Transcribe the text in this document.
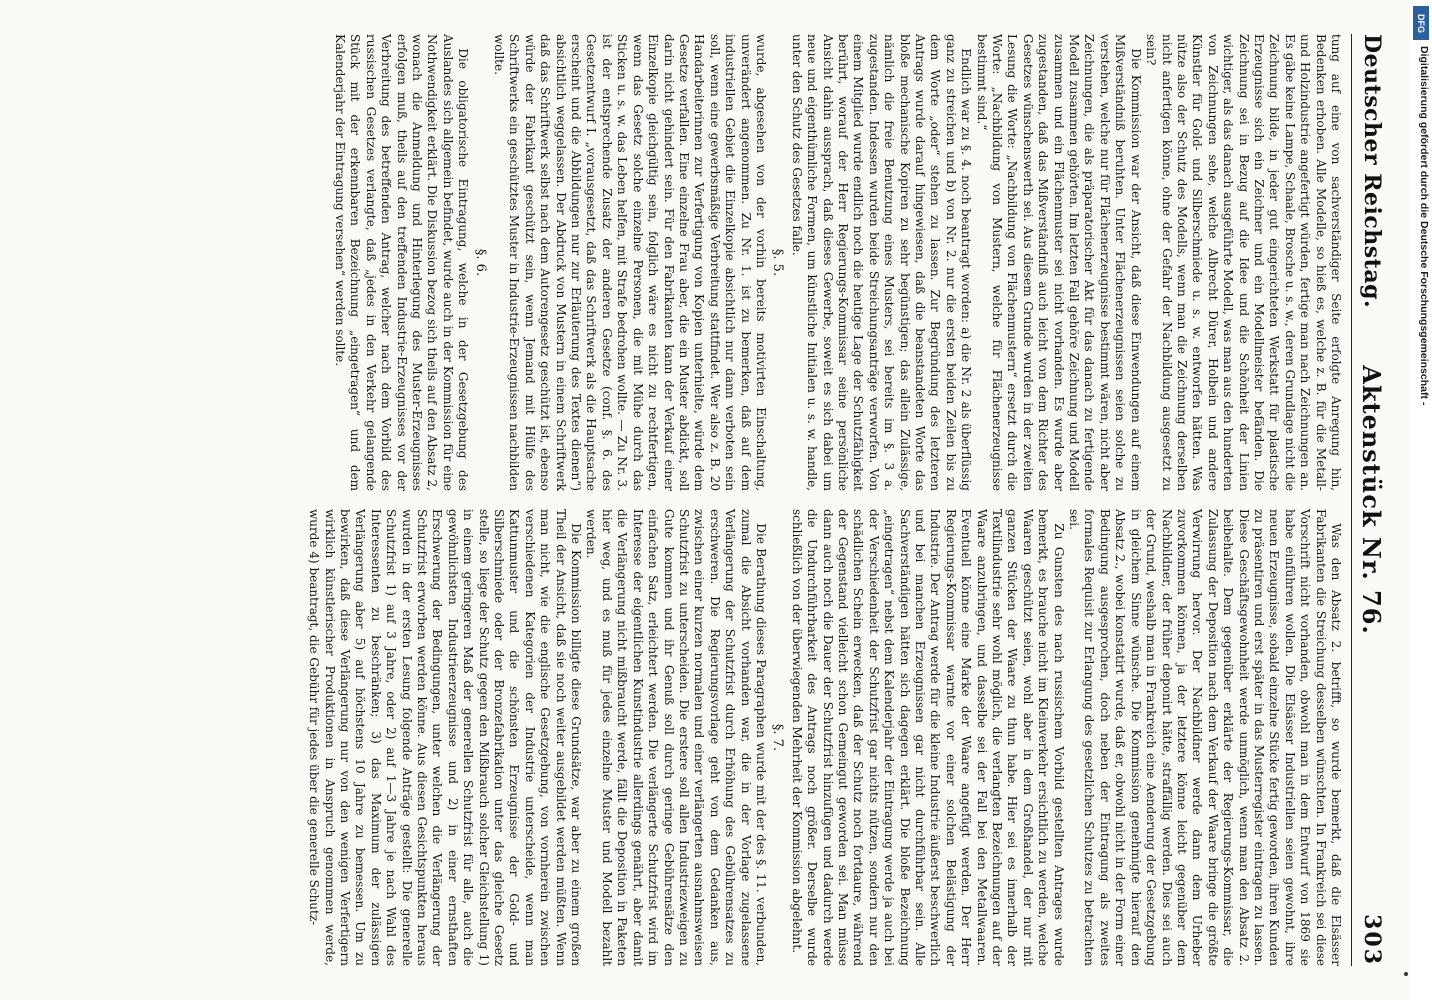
Deutscher Reichstag.
Aktenstück Nr. 76.
303

tung auf eine von sachverständiger Seite erfolgte Anregung hin, Bedenken erhoben. Alle Modelle, so hieß es, welche z. B. für die Metall- und Holzindustrie angefertigt würden, fertige man nach Zeichnungen an. Es gäbe keine Lampe, Schaale, Brosche u. s. w., deren Grundlage nicht die Zeichnung bilde, in jeder gut eingerichteten Werkstatt für plastische Erzeugnisse sich ein Zeichner und ein Modellmeister befänden. Die Zeichnung sei in Bezug auf die Idee und die Schönheit der Linien wichtiger, als das danach ausgeführte Modell, was man aus den hunderten von Zeichnungen sehe, welche Albrecht Dürer, Holbein und andere Künstler für Gold- und Silberschmiede u. s. w. entworfen hätten. Was nütze also der Schutz des Modells, wenn man die Zeichnung derselben nicht anfertigen könne, ohne der Gefahr der Nachbildung ausgesetzt zu sein?

Die Kommission war der Ansicht, daß diese Einwendungen auf einem Mißverständniß beruhten. Unter Flächenerzeugnissen seien solche zu verstehen, welche nur für Flächenerzeugnisse bestimmt wären, nicht aber Zeichnungen, die als präparatorischer Akt für das danach zu fertigende Modell zusammen gehörten. Im letzten Fall gehöre Zeichnung und Modell zusammen und ein Flächenmuster sei nicht vorhanden. Es wurde aber zugestanden, daß das Mißverständniß auch leicht von dem Richter des Gesetzes wünschenswerth sei. Aus diesem Grunde wurden in der zweiten Lesung die Worte: „Nachbildung von Flächenmustern“ ersetzt durch die Worte: „Nachbildung von Mustern, welche für Flächenerzeugnisse bestimmt sind.“

Endlich war zu §. 4. noch beantragt worden: a) die Nr. 2 als überflüssig ganz zu streichen und b) von Nr. 2. nur die ersten beiden Zeilen bis zu dem Worte „oder“ stehen zu lassen. Zur Begründung des letzteren Antrags wurde darauf hingewiesen, daß die beanstandeten Worte das bloße mechanische Kopiren zu sehr begünstigen; das allein Zulässige, nämlich die freie Benutzung eines Musters, sei bereits im §. 3 a. zugestanden. Indessen wurden beide Streichungsanträge verworfen. Von einem Mitglied wurde endlich noch die heutige Lage der Schutzfähigkeit berührt, worauf der Herr Regierungs-Kommissar seine persönliche Ansicht dahin aussprach, daß dieses Gewerbe, soweit es sich dabei um neue und eigenthümliche Formen, um künstliche Initialen u. s. w. handle, unter den Schutz des Gesetzes falle.

§. 5.

wurde, abgesehen von der vorhin bereits motivirten Einschaltung, unverändert angenommen. Zu Nr. 1. ist zu bemerken, daß auf dem industriellen Gebiet die Einzelkopie absichtlich nur dann verboten sein soll, wenn eine gewerbsmäßige Verbreitung stattfindet. Wer also z. B. 20 Handarbeiterinnen zur Verfertigung von Kopien unterhielte, würde dem Gesetze verfallen. Eine einzelne Frau aber, die ein Muster abdickt, soll darin nicht gehindert sein. Für den Fabrikanten kann der Verkauf einer Einzelkopie gleichgültig sein, folglich wäre es nicht zu rechtfertigen, wenn das Gesetz solche einzelne Personen, die mit Mühe durch das Sticken u. s. w. das Leben helfen, mit Strafe bedrohen wollte. — Zu Nr. 3. ist der entsprechende Zusatz der anderen Gesetze (conf. §. 6. des Gesetzentwurf I. „vorausgesetzt, daß das Schriftwerk als die Hauptsache erscheint und die Abbildungen nur zur Erläuterung des Textes dienen“) absichtlich weggelassen. Der Abdruck von Mustern in einem Schriftwerk daß das Schriftwerk selbst nach dem Autorengesetz geschützt ist, ebenso würde der Fabrikant geschützt sein, wenn Jemand mit Hülfe des Schriftwerks ein geschütztes Muster in Industrie-Erzeugnissen nachbilden wollte.

§. 6.

Die obligatorische Eintragung, welche in der Gesetzgebung des Auslandes sich allgemein befindet, wurde auch in der Kommission für eine Nothwendigkeit erklärt. Die Diskussion bezog sich theils auf den Absatz 2, wonach die Anmeldung und Hinterlegung des Muster-Erzeugnisses erfolgen muß, theils auf den treffenden Industrie-Erzeugnisses vor der Verbreitung des betreffenden Antrag, welcher nach dem Vorbild des russischen Gesetzes verlangte, daß „jedes in den Verkehr gelangende Stück mit der erkennbaren Bezeichnung „eingetragen“ und dem Kalenderjahr der Eintragung versehen“ werden sollte.

Was den Absatz 2. betrifft, so wurde bemerkt, daß die Elsässer Fabrikanten die Streichung desselben wünschten. In Frankreich sei diese Vorschrift nicht vorhanden, obwohl man in dem Entwurf von 1869 sie habe einführen wollen. Die Elsässer Industriellen seien gewohnt, ihre neuen Erzeugnisse, sobald einzelne Stücke fertig geworden, ihren Kunden zu präsentiren und erst später in das Musterregister eintragen zu lassen. Diese Geschäftsgewohnheit werde unmöglich, wenn man den Absatz 2. beibehalte. Dem gegenüber erklärte der Regierungs-Kommissar, die Zulassung der Deposition nach dem Verkauf der Waare bringe die größte Verwirrung hervor. Der Nachbildner werde dann dem Urheber zuvorkommen können, ja der letztere könne leicht gegenüber dem Nachbildner, der früher deponirt hätte, straffällig werden. Dies sei auch der Grund, weshalb man in Frankreich eine Aenderung der Gesetzgebung in gleichem Sinne wünsche. Die Kommission genehmigte hierauf den Absatz 2., wobei konstatirt wurde, daß er, obwohl nicht in der Form einer Bedingung ausgesprochen, doch neben der Eintragung als zweites formales Requisit zur Erlangung des gesetzlichen Schutzes zu betrachten sei.

Zu Gunsten des nach russischem Vorbild gestellten Antrages wurde bemerkt, es brauche nicht im Kleinverkehr ersichtlich zu werden, welche Waaren geschützt seien, wohl aber in dem Großhandel, der nur mit ganzen Stücken der Waare zu thun habe. Hier sei es innerhalb der Textilindustrie sehr wohl möglich, die verlangten Bezeichnungen auf der Waare anzubringen, und dasselbe sei der Fall bei den Metallwaaren. Eventuell könne eine Marke der Waare angefügt werden. Der Herr Regierungs-Kommissar warnte vor einer solchen Belästigung der Industrie. Der Antrag werde für die kleine Industrie äußerst beschwerlich und bei manchen Erzeugnissen gar nicht durchführbar sein. Alle Sachverständigen hätten sich dagegen erklärt. Die bloße Bezeichnung „eingetragen“ nebst dem Kalenderjahr der Eintragung werde ja auch bei der Verschiedenheit der Schutzfrist gar nichts nützen, sondern nur den schädlichen Schein erwecken, daß der Schutz noch fortdaure, während der Gegenstand vielleicht schon Gemeingut geworden sei. Man müsse dann auch noch die Dauer der Schutzfrist hinzufügen und dadurch werde die Undurchführbarkeit des Antrags noch größer. Derselbe wurde schließlich von der überwiegenden Mehrheit der Kommission abgelehnt.

§. 7.

Die Berathung dieses Paragraphen wurde mit der des §. 11. verbunden, zumal die Absicht vorhanden war, die in der Vorlage zugelassene Verlängerung der Schutzfrist durch Erhöhung des Gebührensatzes zu erschweren. Die Regierungsvorlage geht von dem Gedanken aus, zwischen einer kurzen normalen und einer verlängerten ausnahmsweisen Schutzfrist zu unterscheiden. Die erstere soll allen Industriezweigen zu Gute kommen und ihr Genuß soll durch geringe Gebührensätze den einfachen Satz, erleichtert werden. Die verlängerte Schutzfrist wird im Interesse der eigentlichen Kunstindustrie allerdings genährt, aber damit die Verlängerung nicht mißbraucht werde, fällt die Deposition in Paketen hier weg, und es muß für jedes einzelne Muster und Modell bezahlt werden.

Die Kommission billigte diese Grundsätze, war aber zu einem großen Theil der Ansicht, daß sie noch weiter ausgebildet werden müßten. Wenn man nicht, wie die englische Gesetzgebung, von vornherein zwischen verschiedenen Kategorien der Industrie unterscheide, wenn man Kattunmuster und die schönsten Erzeugnisse der Gold- und Silberschmiede oder der Bronzefabrikation unter das gleiche Gesetz stelle, so liege der Schutz gegen den Mißbrauch solcher Gleichstellung 1) in einem geringeren Maß der generellen Schutzfrist für alle, auch die gewöhnlichsten Industrieerzeugnisse und 2) in einer ernsthaften Erschwerung der Bedingungen, unter welchen die Verlängerung der Schutzfrist erworben werden könne. Aus diesen Gesichtspunkten heraus wurden in der ersten Lesung folgende Anträge gestellt: Die generelle Schutzfrist 1) auf 3 Jahre, oder 2) auf 1—3 Jahre je nach Wahl des Interessenten zu beschränken; 3) das Maximum der zulässigen Verlängerung aber 5) auf höchstens 10 Jahre zu bemessen. Um zu bewirken, daß diese Verlängerung nur von den wenigen Verfertigern wirklich künstlerischer Produktionen in Anspruch genommen werde, wurde 4) beantragt, die Gebühr für jedes über die generelle Schutz-

DFG
Digitalisierung gefördert durch die Deutsche Forschungsgemeinschaft -
